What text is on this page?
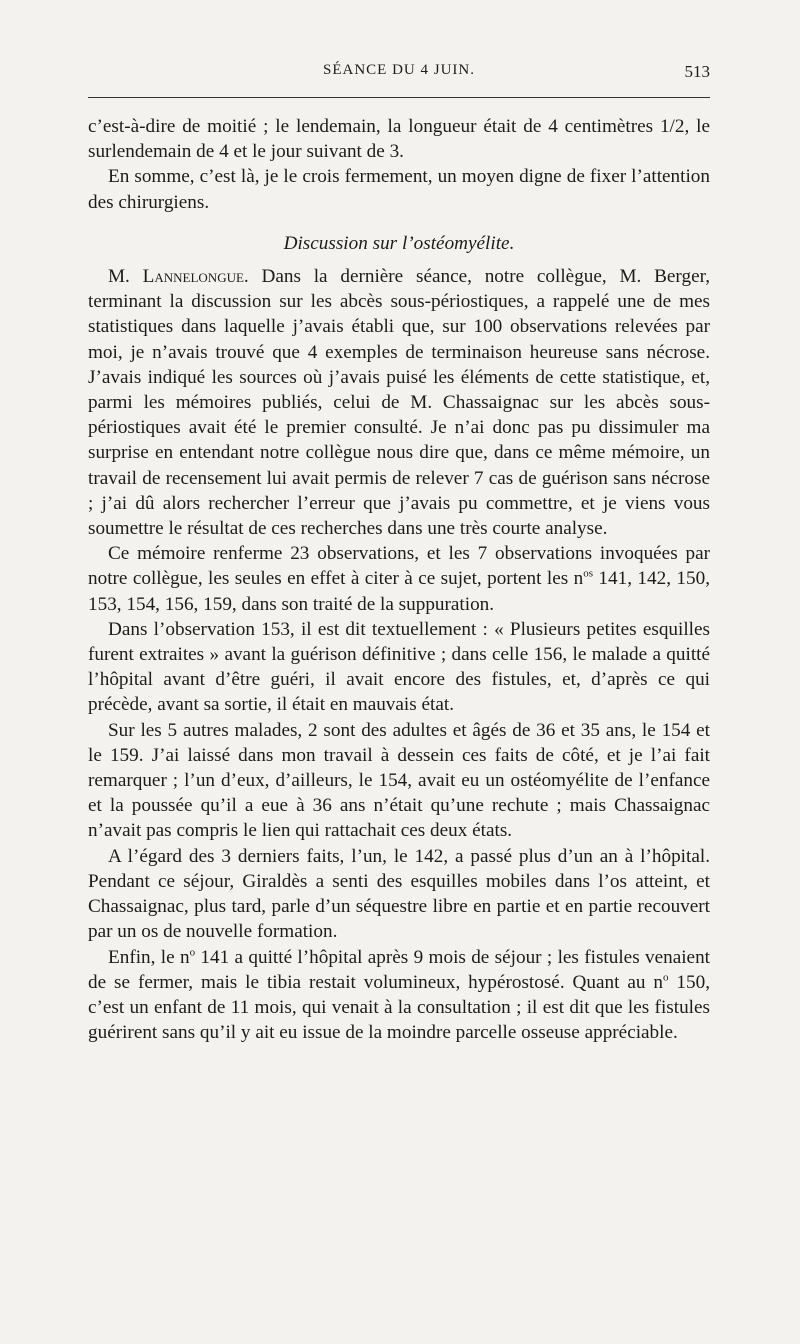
SÉANCE DU 4 JUIN.	513

c’est-à-dire de moitié ; le lendemain, la longueur était de 4 centimètres 1/2, le surlendemain de 4 et le jour suivant de 3.

En somme, c’est là, je le crois fermement, un moyen digne de fixer l’attention des chirurgiens.

Discussion sur l’ostéomyélite.

M. Lannelongue. Dans la dernière séance, notre collègue, M. Berger, terminant la discussion sur les abcès sous-périostiques, a rappelé une de mes statistiques dans laquelle j’avais établi que, sur 100 observations relevées par moi, je n’avais trouvé que 4 exemples de terminaison heureuse sans nécrose. J’avais indiqué les sources où j’avais puisé les éléments de cette statistique, et, parmi les mémoires publiés, celui de M. Chassaignac sur les abcès sous-périostiques avait été le premier consulté. Je n’ai donc pas pu dissimuler ma surprise en entendant notre collègue nous dire que, dans ce même mémoire, un travail de recensement lui avait permis de relever 7 cas de guérison sans nécrose ; j’ai dû alors rechercher l’erreur que j’avais pu commettre, et je viens vous soumettre le résultat de ces recherches dans une très courte analyse.

Ce mémoire renferme 23 observations, et les 7 observations invoquées par notre collègue, les seules en effet à citer à ce sujet, portent les $n^{os}$ 141, 142, 150, 153, 154, 156, 159, dans son traité de la suppuration.

Dans l’observation 153, il est dit textuellement : « Plusieurs petites esquilles furent extraites » avant la guérison définitive ; dans celle 156, le malade a quitté l’hôpital avant d’être guéri, il avait encore des fistules, et, d’après ce qui précède, avant sa sortie, il était en mauvais état.

Sur les 5 autres malades, 2 sont des adultes et âgés de 36 et 35 ans, le 154 et le 159. J’ai laissé dans mon travail à dessein ces faits de côté, et je l’ai fait remarquer ; l’un d’eux, d’ailleurs, le 154, avait eu un ostéomyélite de l’enfance et la poussée qu’il a eue à 36 ans n’était qu’une rechute ; mais Chassaignac n’avait pas compris le lien qui rattachait ces deux états.

A l’égard des 3 derniers faits, l’un, le 142, a passé plus d’un an à l’hôpital. Pendant ce séjour, Giraldès a senti des esquilles mobiles dans l’os atteint, et Chassaignac, plus tard, parle d’un séquestre libre en partie et en partie recouvert par un os de nouvelle formation.

Enfin, le $n^o$ 141 a quitté l’hôpital après 9 mois de séjour ; les fistules venaient de se fermer, mais le tibia restait volumineux, hypérostosé. Quant au $n^o$ 150, c’est un enfant de 11 mois, qui venait à la consultation ; il est dit que les fistules guérirent sans qu’il y ait eu issue de la moindre parcelle osseuse appréciable.
